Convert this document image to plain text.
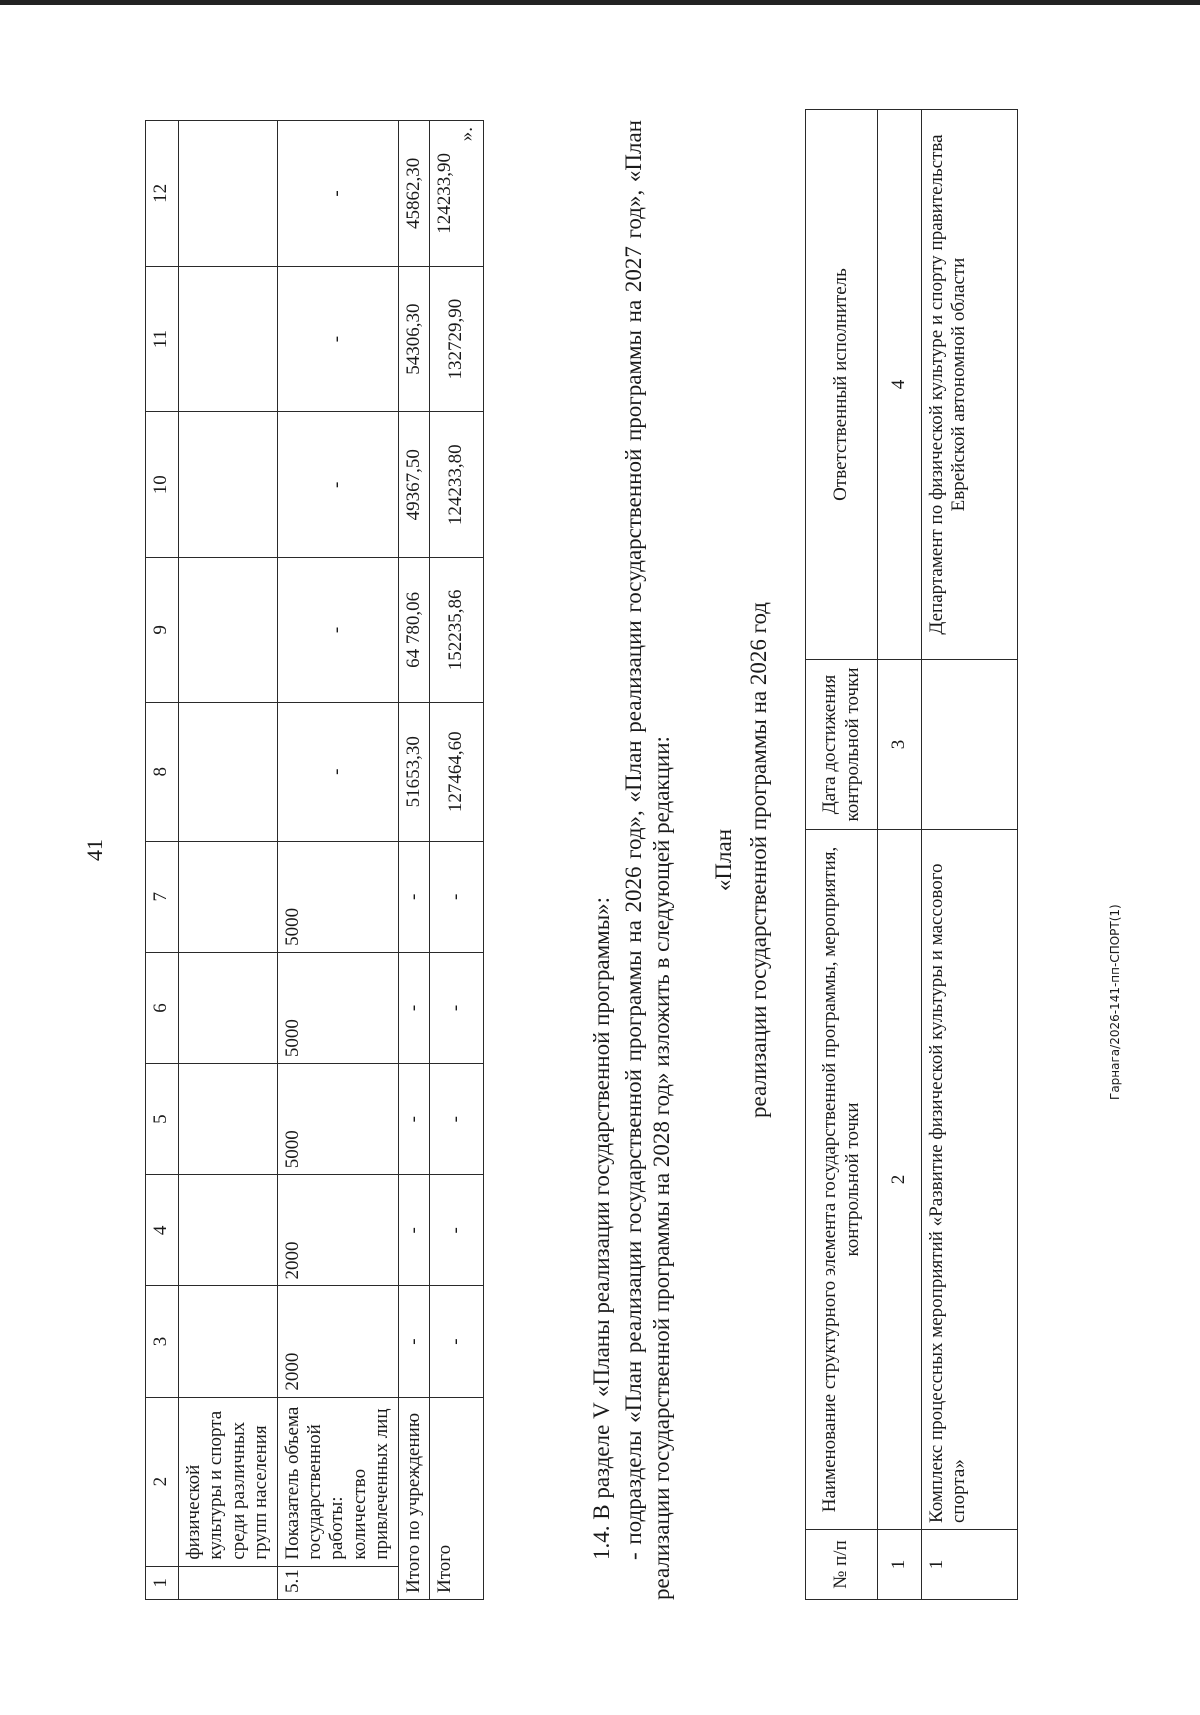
41
1	2	3	4	5	6	7	8	9	10	11	12
	физической культуры и спорта среди различных групп населения										
5.1	Показатель объема государственной работы: количество привлеченных лиц	2000	2000	5000	5000	5000	-	-	-	-	-
Итого по учреждению		-	-	-	-	-	51653,30	64 780,06	49367,50	54306,30	45862,30
Итого		-	-	-	-	-	127464,60	152235,86	124233,80	132729,90	124233,90

».
1.4. В разделе V «Планы реализации государственной программы»: - подразделы «План реализации государственной программы на 2026 год», «План реализации государственной программы на 2027 год», «План реализации государственной программы на 2028 год» изложить в следующей редакции: «План реализации государственной программы на 2026 год
№ п/п	Наименование структурного элемента государственной программы, мероприятия, контрольной точки	Дата достижения контрольной точки	Ответственный исполнитель
1	2	3	4
1	Комплекс процессных мероприятий «Развитие физической культуры и массового спорта»		Департамент по физической культуре и спорту правительства Еврейской автономной области
Гарнага/2026-141-пп-СПОРТ(1)
